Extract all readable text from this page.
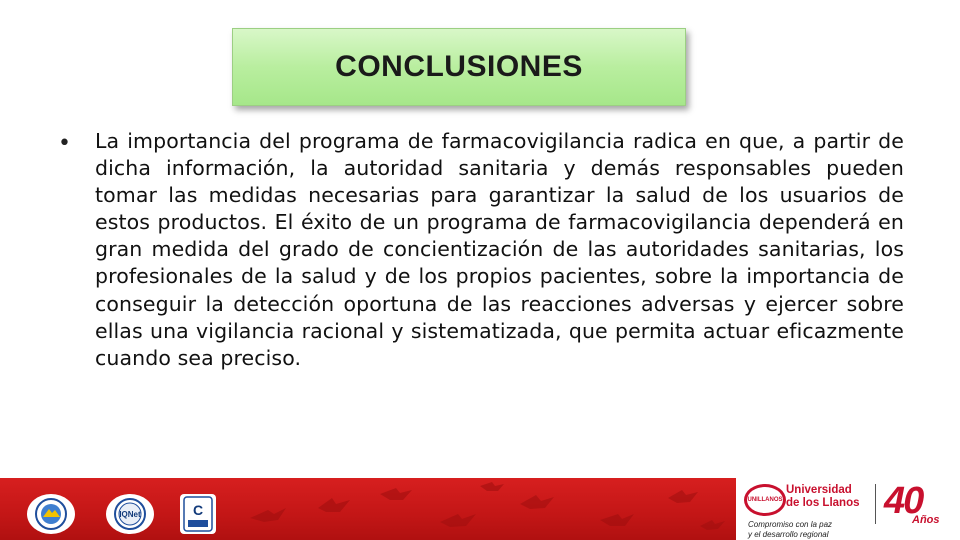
CONCLUSIONES
• La importancia del programa de farmacovigilancia radica en que, a partir de dicha información, la autoridad sanitaria y demás responsables pueden tomar las medidas necesarias para garantizar la salud de los usuarios de estos productos. El éxito de un programa de farmacovigilancia dependerá en gran medida del grado de concientización de las autoridades sanitarias, los profesionales de la salud y de los propios pacientes, sobre la importancia de conseguir la detección oportuna de las reacciones adversas y ejercer sobre ellas una vigilancia racional y sistematizada, que permita actuar eficazmente cuando sea preciso.
IQNet	C
UNILLANOS
Universidad
de los Llanos
Compromiso con la paz
y el desarrollo regional
40
Años
